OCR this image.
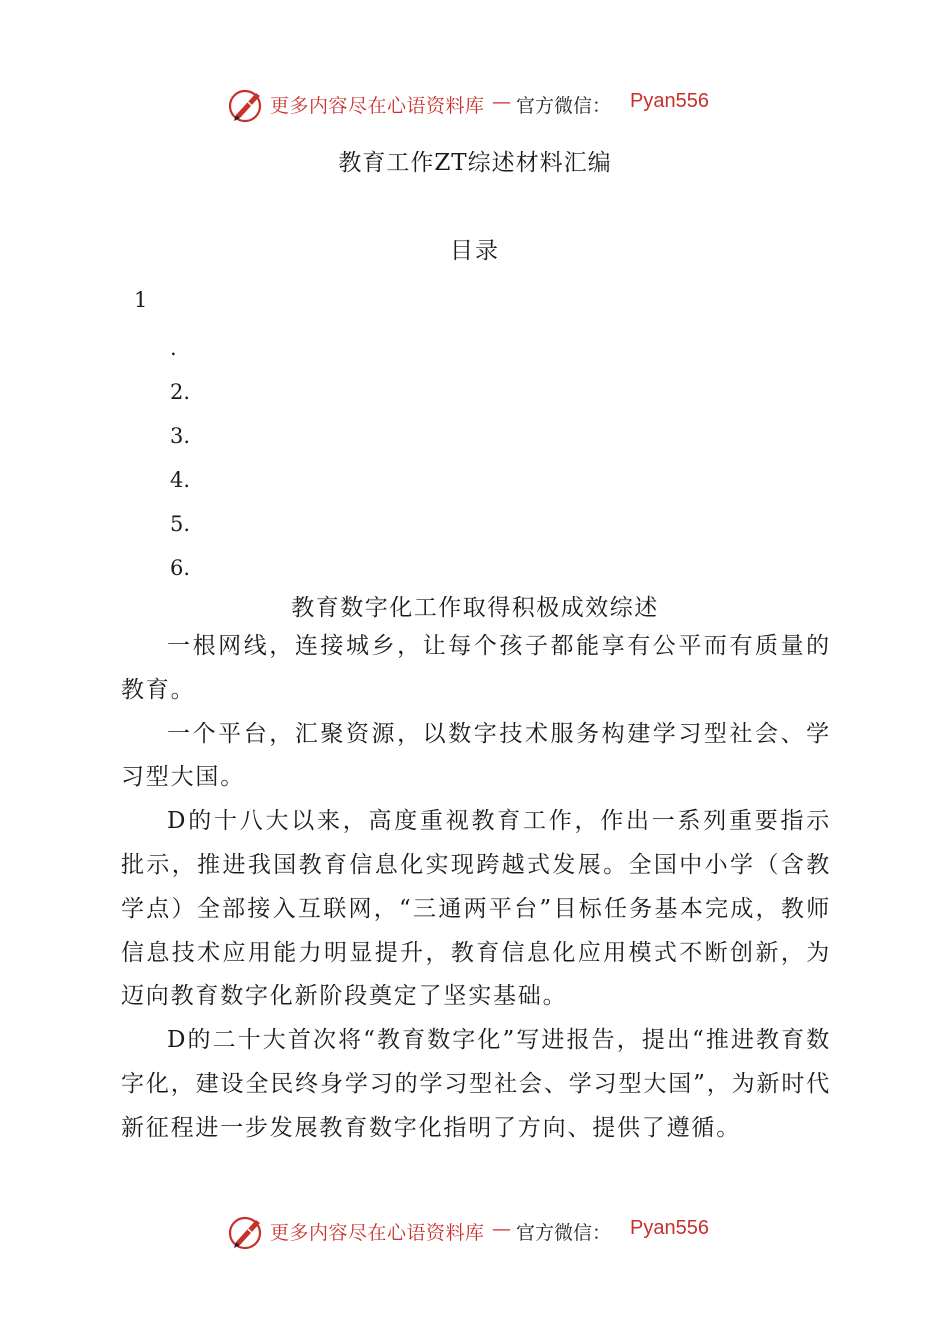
更多内容尽在心语资料库 — 官方微信： Pyan556
教育工作ZT综述材料汇编
目录
1
.
2.
3.
4.
5.
6.
教育数字化工作取得积极成效综述

一根网线，连接城乡，让每个孩子都能享有公平而有质量的教育。

一个平台，汇聚资源，以数字技术服务构建学习型社会、学习型大国。

D的十八大以来，高度重视教育工作，作出一系列重要指示批示，推进我国教育信息化实现跨越式发展。全国中小学（含教学点）全部接入互联网，“三通两平台”目标任务基本完成，教师信息技术应用能力明显提升，教育信息化应用模式不断创新，为迈向教育数字化新阶段奠定了坚实基础。

D的二十大首次将“教育数字化”写进报告，提出“推进教育数字化，建设全民终身学习的学习型社会、学习型大国”，为新时代新征程进一步发展教育数字化指明了方向、提供了遵循。

更多内容尽在心语资料库 — 官方微信： Pyan556
